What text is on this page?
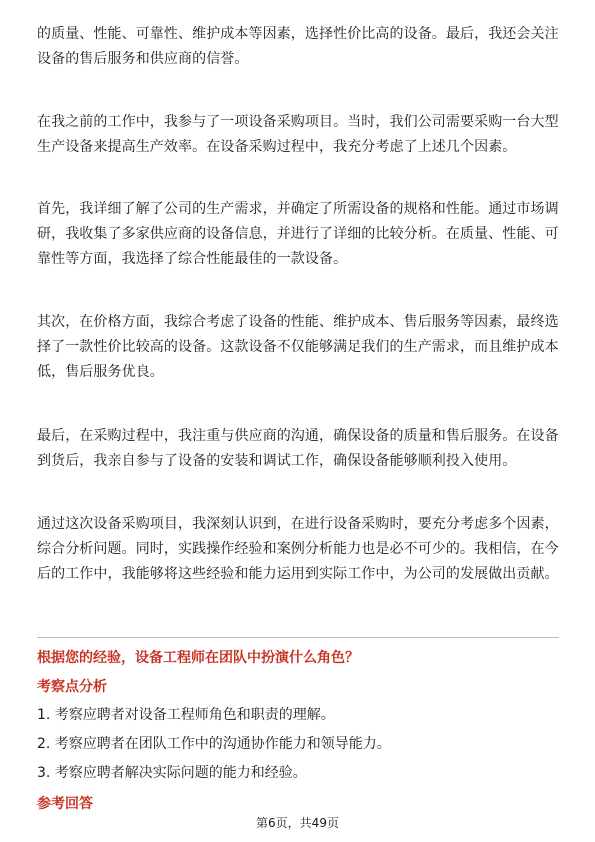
的质量、性能、可靠性、维护成本等因素，选择性价比高的设备。最后，我还会关注设备的售后服务和供应商的信誉。

在我之前的工作中，我参与了一项设备采购项目。当时，我们公司需要采购一台大型生产设备来提高生产效率。在设备采购过程中，我充分考虑了上述几个因素。

首先，我详细了解了公司的生产需求，并确定了所需设备的规格和性能。通过市场调研，我收集了多家供应商的设备信息，并进行了详细的比较分析。在质量、性能、可靠性等方面，我选择了综合性能最佳的一款设备。

其次，在价格方面，我综合考虑了设备的性能、维护成本、售后服务等因素，最终选择了一款性价比较高的设备。这款设备不仅能够满足我们的生产需求，而且维护成本低，售后服务优良。

最后，在采购过程中，我注重与供应商的沟通，确保设备的质量和售后服务。在设备到货后，我亲自参与了设备的安装和调试工作，确保设备能够顺利投入使用。

通过这次设备采购项目，我深刻认识到，在进行设备采购时，要充分考虑多个因素，综合分析问题。同时，实践操作经验和案例分析能力也是必不可少的。我相信，在今后的工作中，我能够将这些经验和能力运用到实际工作中，为公司的发展做出贡献。

根据您的经验，设备工程师在团队中扮演什么角色？

考察点分析

1. 考察应聘者对设备工程师角色和职责的理解。

2. 考察应聘者在团队工作中的沟通协作能力和领导能力。

3. 考察应聘者解决实际问题的能力和经验。

参考回答

第6页，共49页
